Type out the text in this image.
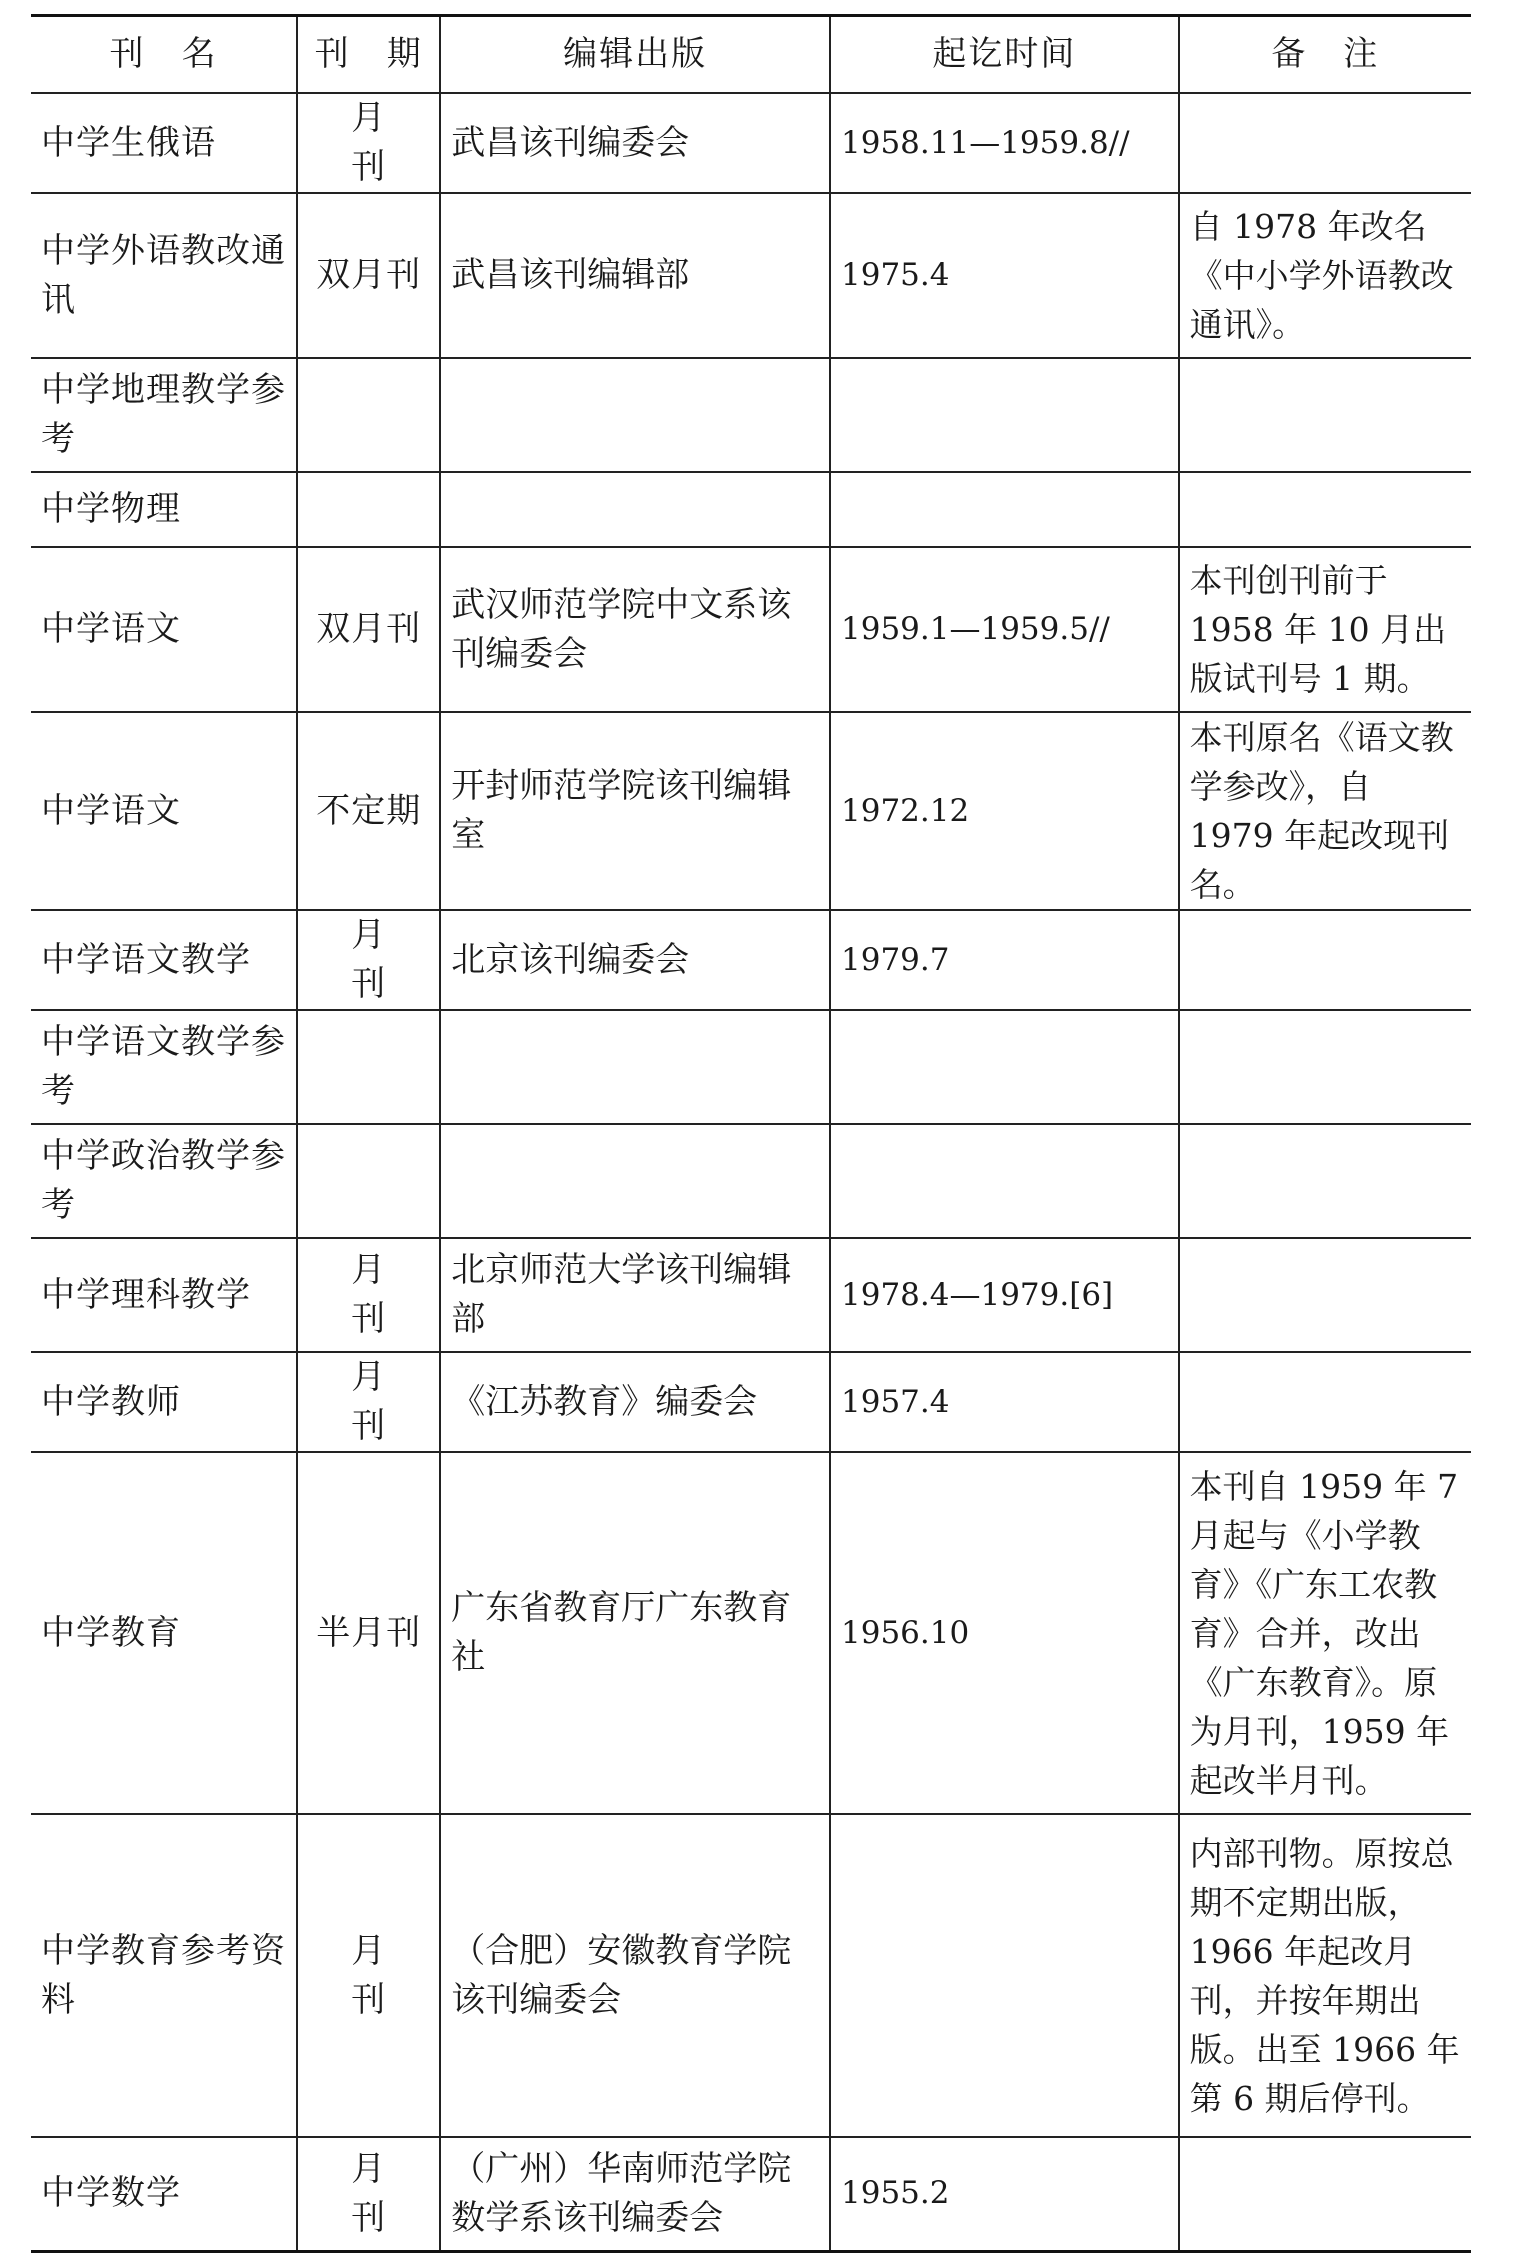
刊　名	刊　期	编辑出版	起讫时间	备　注
中学生俄语	月　　刊	武昌该刊编委会	1958.11—1959.8//	
中学外语教改通讯	双月刊	武昌该刊编辑部	1975.4	自 1978 年改名《中小学外语教改通讯》。
中学地理教学参考				
中学物理				
中学语文	双月刊	武汉师范学院中文系该刊编委会	1959.1—1959.5//	本刊创刊前于 1958 年 10 月出版试刊号 1 期。
中学语文	不定期	开封师范学院该刊编辑室	1972.12	本刊原名《语文教学参改》，自 1979 年起改现刊名。
中学语文教学	月　　刊	北京该刊编委会	1979.7	
中学语文教学参考				
中学政治教学参考				
中学理科教学	月　　刊	北京师范大学该刊编辑部	1978.4—1979.[6]	
中学教师	月　　刊	《江苏教育》编委会	1957.4	
中学教育	半月刊	广东省教育厅广东教育社	1956.10	本刊自 1959 年 7 月起与《小学教育》《广东工农教育》合并，改出《广东教育》。原为月刊，1959 年起改半月刊。
中学教育参考资料	月　　刊	（合肥）安徽教育学院该刊编委会		内部刊物。原按总期不定期出版，1966 年起改月刊，并按年期出版。出至 1966 年第 6 期后停刊。
中学数学	月　　刊	（广州）华南师范学院数学系该刊编委会	1955.2	
